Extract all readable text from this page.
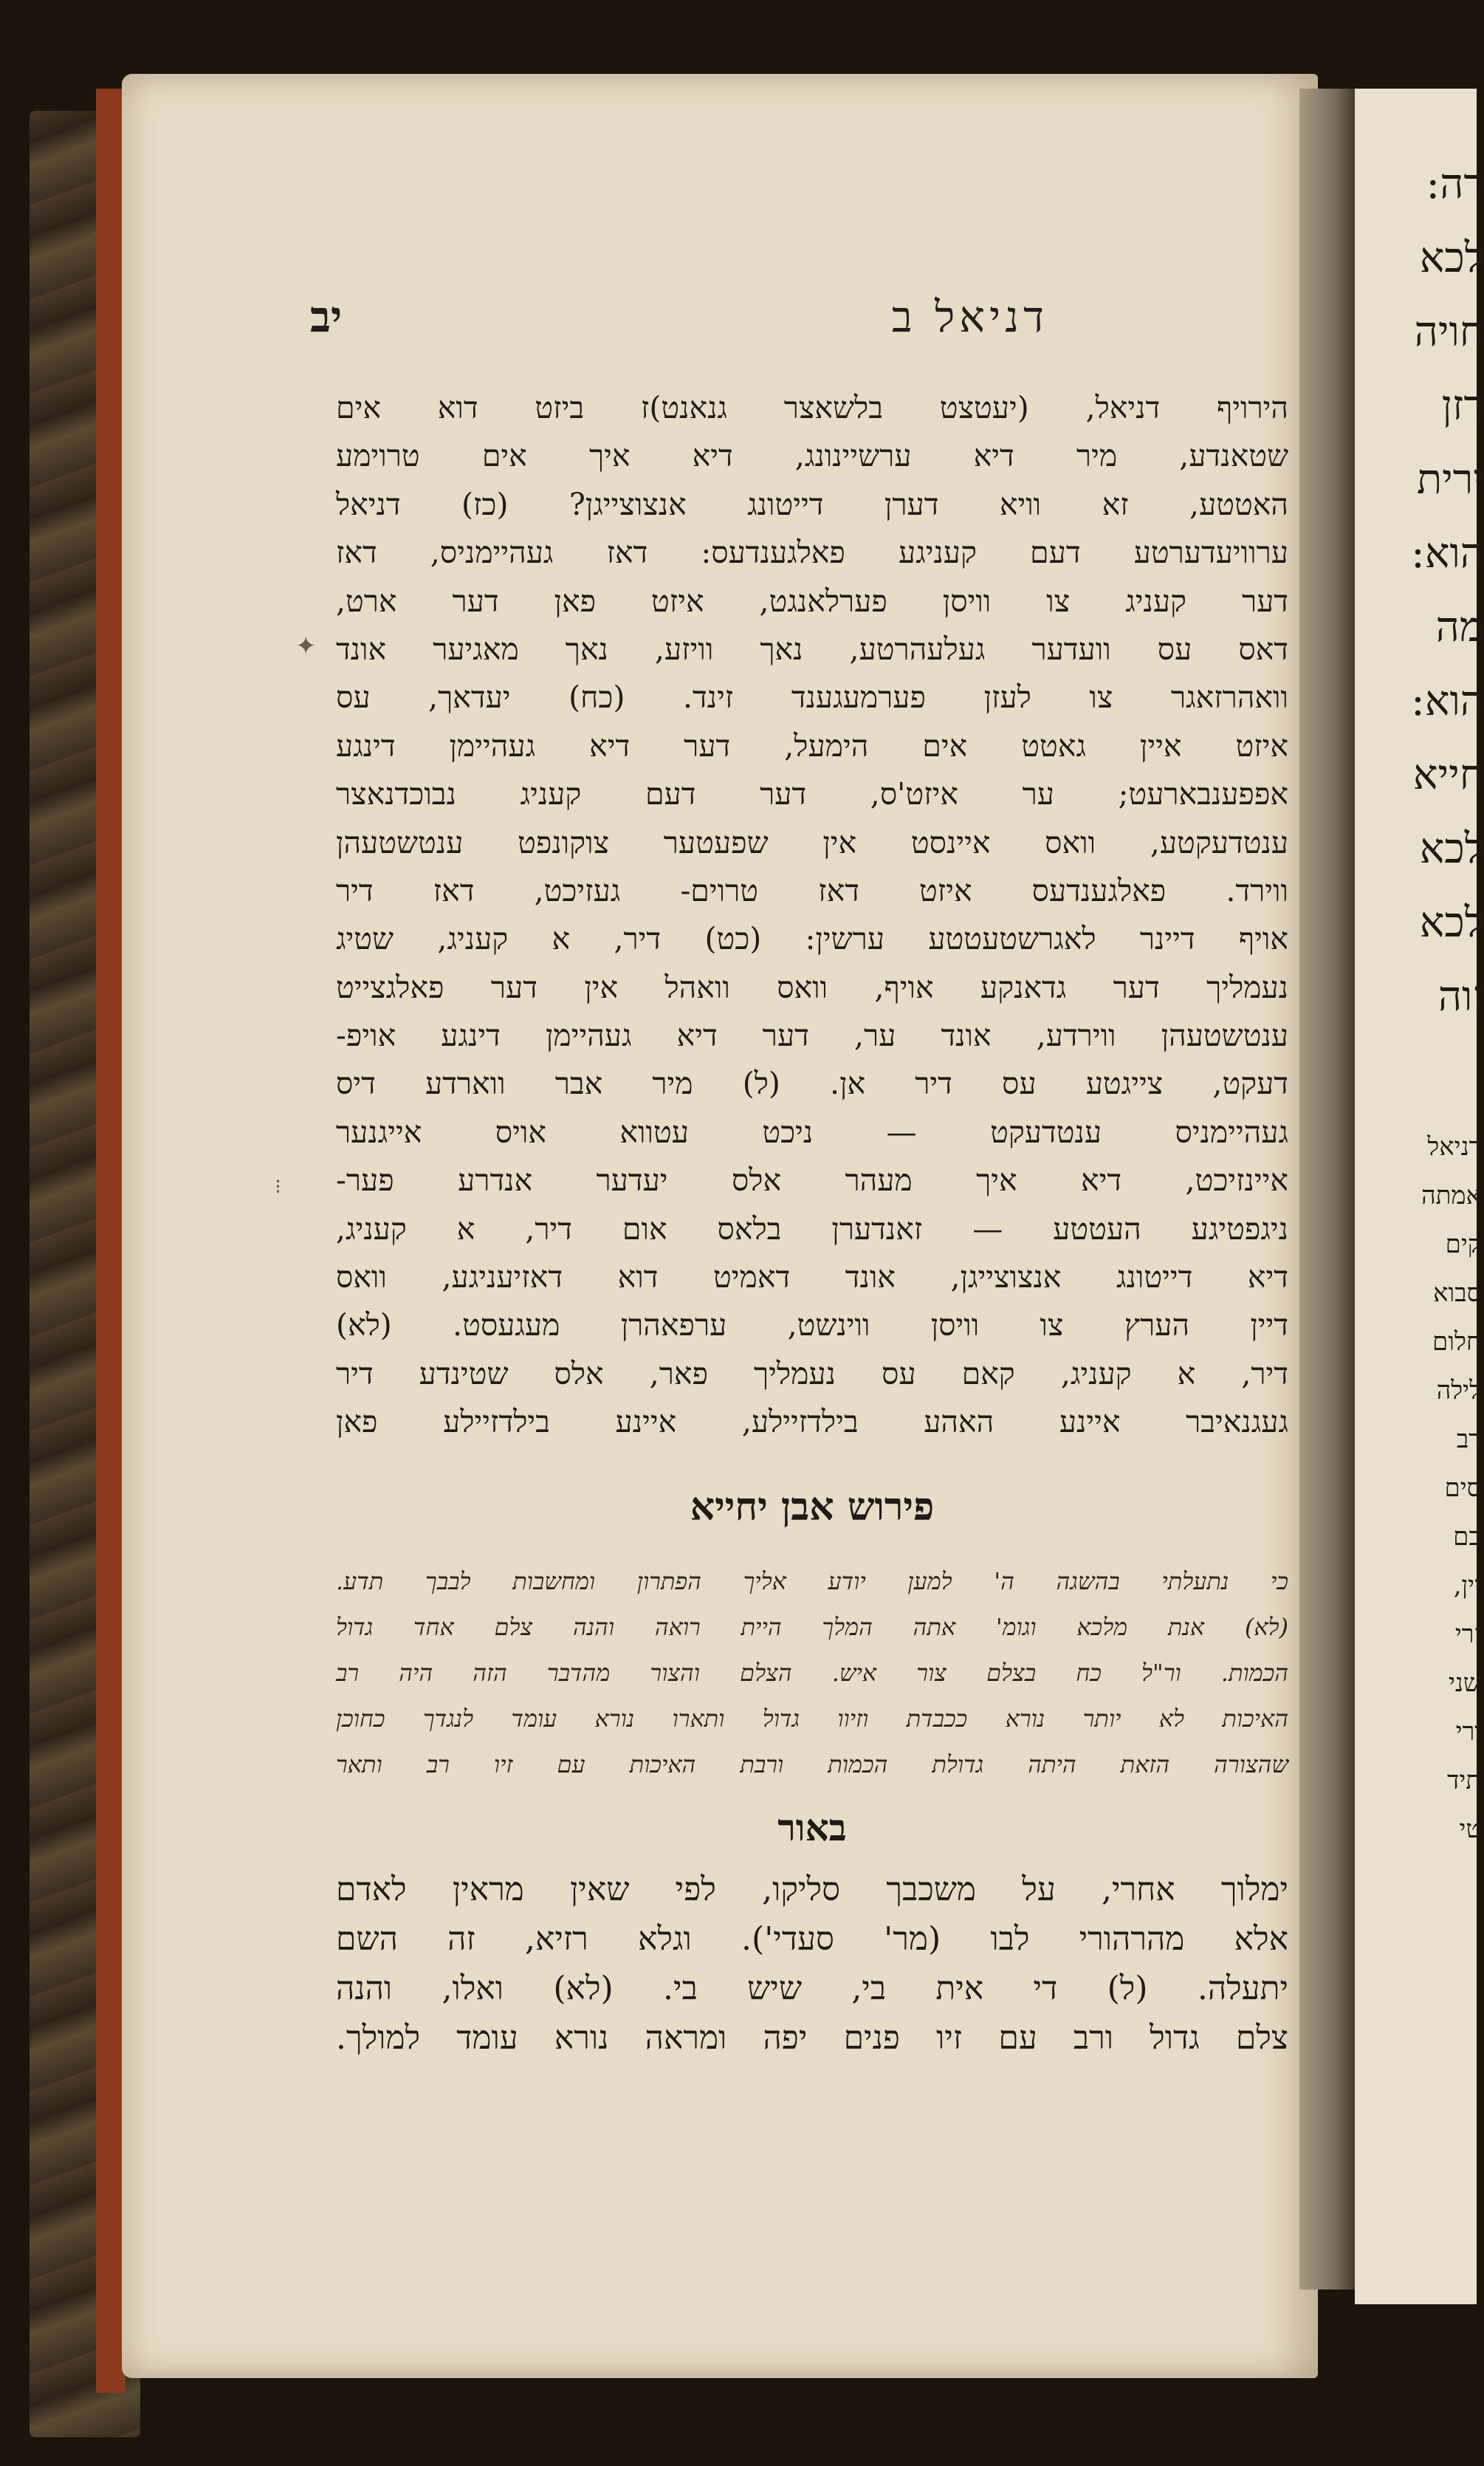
רה:
לכא
חויה
רזן
ירית
הוא:
מה
הוא:
חייא
לכא
לכא
זוה
דניאל
אמתה
קים
סבוא
חלום
לילה
רב
סים
כם
יין,
זרי
שני
ורי
תיד
טי
דניאל ב
יב
הירויף דניאל, (יעטצט בלשאצר גנאנט)ז ביזט דוא אים
שטאנדע, מיר דיא ערשיינונג, דיא איך אים טרוימע
האטטע, זא וויא דערן דייטונג אנצוצייגן? (כז) דניאל
ערוויעדערטע דעם קעניגע פאלגענדעס: דאז געהיימניס, דאז
דער קעניג צו וויסן פערלאנגט, איזט פאן דער ארט,
דאס עס וועדער געלעהרטע, נאך וויזע, נאך מאגיער אונד
וואהרזאגר צו לעזן פערמעגענד זינד. (כח) יעדאך, עס
איזט איין גאטט אים הימעל, דער דיא געהיימן דינגע
אפפענבארעט; ער איזט'ס, דער דעם קעניג נבוכדנאצר
ענטדעקטע, וואס איינסט אין שפעטער צוקונפט ענטשטעהן
ווירד. פאלגענדעס איזט דאז טרוים- געזיכט, דאז דיר
אויף דיינר לאגרשטעטטע ערשין: (כט) דיר, א קעניג, שטיג
נעמליך דער גדאנקע אויף, וואס וואהל אין דער פאלגצייט
ענטשטעהן ווירדע, אונד ער, דער דיא געהיימן דינגע אויפ-
דעקט, צייגטע עס דיר אן. (ל) מיר אבר ווארדע דיס
געהיימניס ענטדעקט — ניכט עטווא אויס אייגנער
איינזיכט, דיא איך מעהר אלס יעדער אנדרע פער-
ניגפטיגע העטטע — זאנדערן בלאס אום דיר, א קעניג,
דיא דייטונג אנצוצייגן, אונד דאמיט דוא דאזיעניגע, וואס
דיין הערץ צו וויסן ווינשט, ערפאהרן מעגעסט. (לא)
דיר, א קעניג, קאם עס נעמליך פאר, אלס שטינדע דיר
געגנאיבר איינע האהע בילדזיילע, איינע בילדזיילע פאן
פירוש אבן יחייא
כי נתעלתי בהשגה ה' למען יודע אליך הפתרון ומחשבות לבבך תדע.
(לא) אנת מלכא וגומ' אתה המלך היית רואה והנה צלם אחד גדול
הכמות. ור"ל כח בצלם צור איש. הצלם והצור מהדבר הזה היה רב
האיכות לא יותר נורא ככבדת וזיוו גדול ותארו נורא עומד לנגדך כחוכן
שהצורה הזאת היתה גדולת הכמות ורבת האיכות עם זיו רב ותאר
באור
ימלוך אחרי, על משכבך סליקו, לפי שאין מראין לאדם
אלא מהרהורי לבו (מר' סעדי'). וגלא רזיא, זה השם
יתעלה. (ל) די אית בי, שיש בי. (לא) ואלו, והנה
צלם גדול ורב עם זיו פנים יפה ומראה נורא עומד למולך.
✦
⁝
